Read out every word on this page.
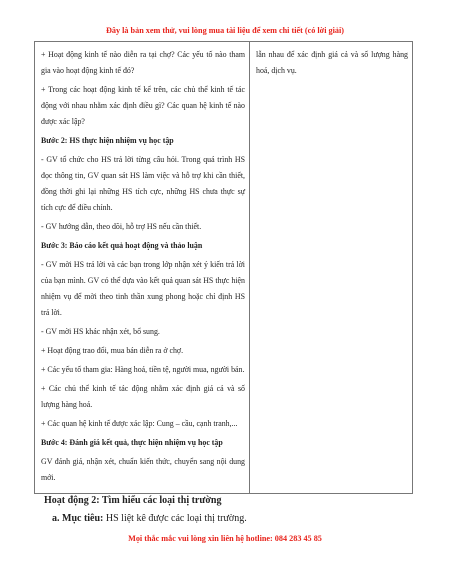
Đây là bản xem thử, vui lòng mua tài liệu để xem chi tiết (có lời giải)
+ Hoạt động kinh tế nào diễn ra tại chợ? Các yếu tố nào tham gia vào hoạt động kinh tế đó?
+ Trong các hoạt động kinh tế kể trên, các chủ thể kinh tế tác động với nhau nhằm xác định điều gì? Các quan hệ kinh tế nào được xác lập?
Bước 2: HS thực hiện nhiệm vụ học tập
- GV tổ chức cho HS trả lời từng câu hỏi. Trong quá trình HS đọc thông tin, GV quan sát HS làm việc và hỗ trợ khi cần thiết, đồng thời ghi lại những HS tích cực, những HS chưa thực sự tích cực để điều chỉnh.
- GV hướng dẫn, theo dõi, hỗ trợ HS nếu cần thiết.
Bước 3: Báo cáo kết quả hoạt động và thảo luận
- GV mời HS trả lời và các bạn trong lớp nhận xét ý kiến trả lời của bạn mình. GV có thể dựa vào kết quả quan sát HS thực hiện nhiệm vụ để mời theo tinh thần xung phong hoặc chỉ định HS trả lời.
- GV mời HS khác nhận xét, bổ sung.
+ Hoạt động trao đổi, mua bán diễn ra ở chợ.
+ Các yếu tố tham gia: Hàng hoá, tiền tệ, người mua, người bán.
+ Các chủ thể kinh tế tác động nhằm xác định giá cả và số lượng hàng hoá.
+ Các quan hệ kinh tế được xác lập: Cung – cầu, cạnh tranh,...
Bước 4: Đánh giá kết quả, thực hiện nhiệm vụ học tập
GV đánh giá, nhận xét, chuẩn kiến thức, chuyển sang nội dung mới.
lẫn nhau để xác định giá cả và số lượng hàng hoá, dịch vụ.
Hoạt động 2: Tìm hiểu các loại thị trường
a. Mục tiêu: HS liệt kê được các loại thị trường.
Mọi thắc mắc vui lòng xin liên hệ hotline: 084 283 45 85
